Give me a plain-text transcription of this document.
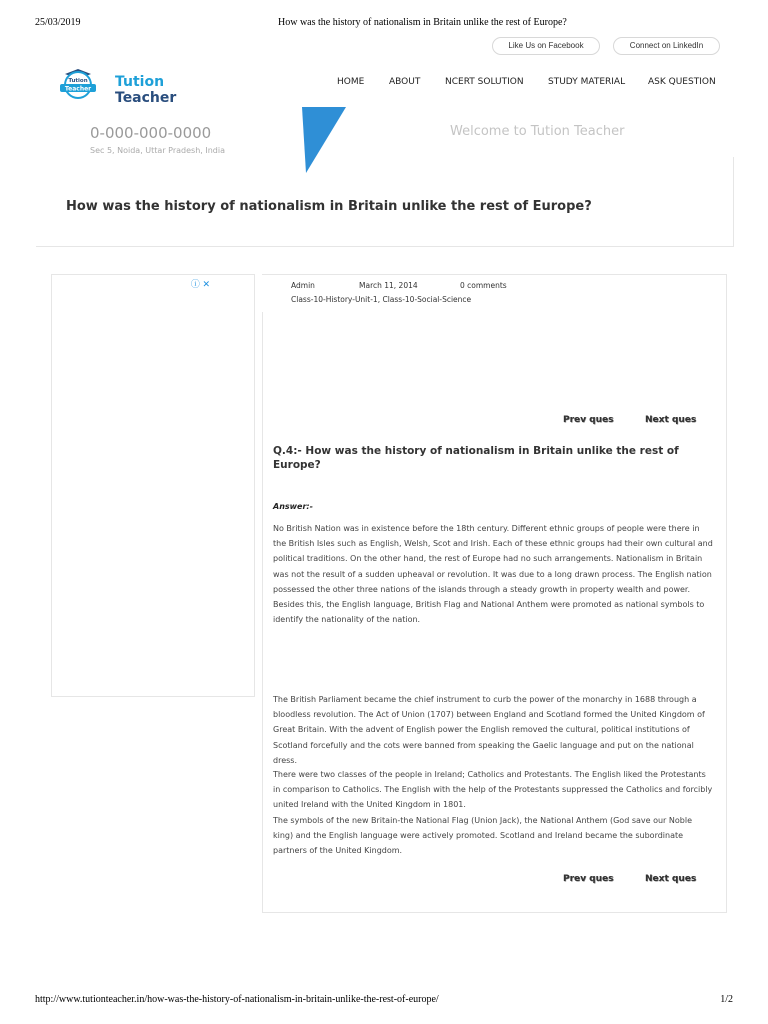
25/03/2019	How was the history of nationalism in Britain unlike the rest of Europe?
Like Us on Facebook	Connect on LinkedIn
Tution
Teacher Tution Teacher
HOME	ABOUT	NCERT SOLUTION	STUDY MATERIAL	ASK QUESTION
0-000-000-0000
Sec 5, Noida, Uttar Pradesh, India
Welcome to Tution Teacher
How was the history of nationalism in Britain unlike the rest of Europe?
ⓘ ✕	Admin	March 11, 2014	0 comments
Class-10-History-Unit-1, Class-10-Social-Science
Prev ques	Next ques
Q.4:- How was the history of nationalism in Britain unlike the rest of Europe?
Answer:-

No British Nation was in existence before the 18th century. Different ethnic groups of people were there in the British Isles such as English, Welsh, Scot and Irish. Each of these ethnic groups had their own cultural and political traditions. On the other hand, the rest of Europe had no such arrangements. Nationalism in Britain was not the result of a sudden upheaval or revolution. It was due to a long drawn process. The English nation possessed the other three nations of the islands through a steady growth in property wealth and power. Besides this, the English language, British Flag and National Anthem were promoted as national symbols to identify the nationality of the nation.

The British Parliament became the chief instrument to curb the power of the monarchy in 1688 through a bloodless revolution. The Act of Union (1707) between England and Scotland formed the United Kingdom of Great Britain. With the advent of English power the English removed the cultural, political institutions of Scotland forcefully and the cots were banned from speaking the Gaelic language and put on the national dress.

There were two classes of the people in Ireland; Catholics and Protestants. The English liked the Protestants in comparison to Catholics. The English with the help of the Protestants suppressed the Catholics and forcibly united Ireland with the United Kingdom in 1801.

The symbols of the new Britain-the National Flag (Union Jack), the National Anthem (God save our Noble king) and the English language were actively promoted. Scotland and Ireland became the subordinate partners of the United Kingdom.

Prev ques	Next ques
http://www.tutionteacher.in/how-was-the-history-of-nationalism-in-britain-unlike-the-rest-of-europe/	1/2
